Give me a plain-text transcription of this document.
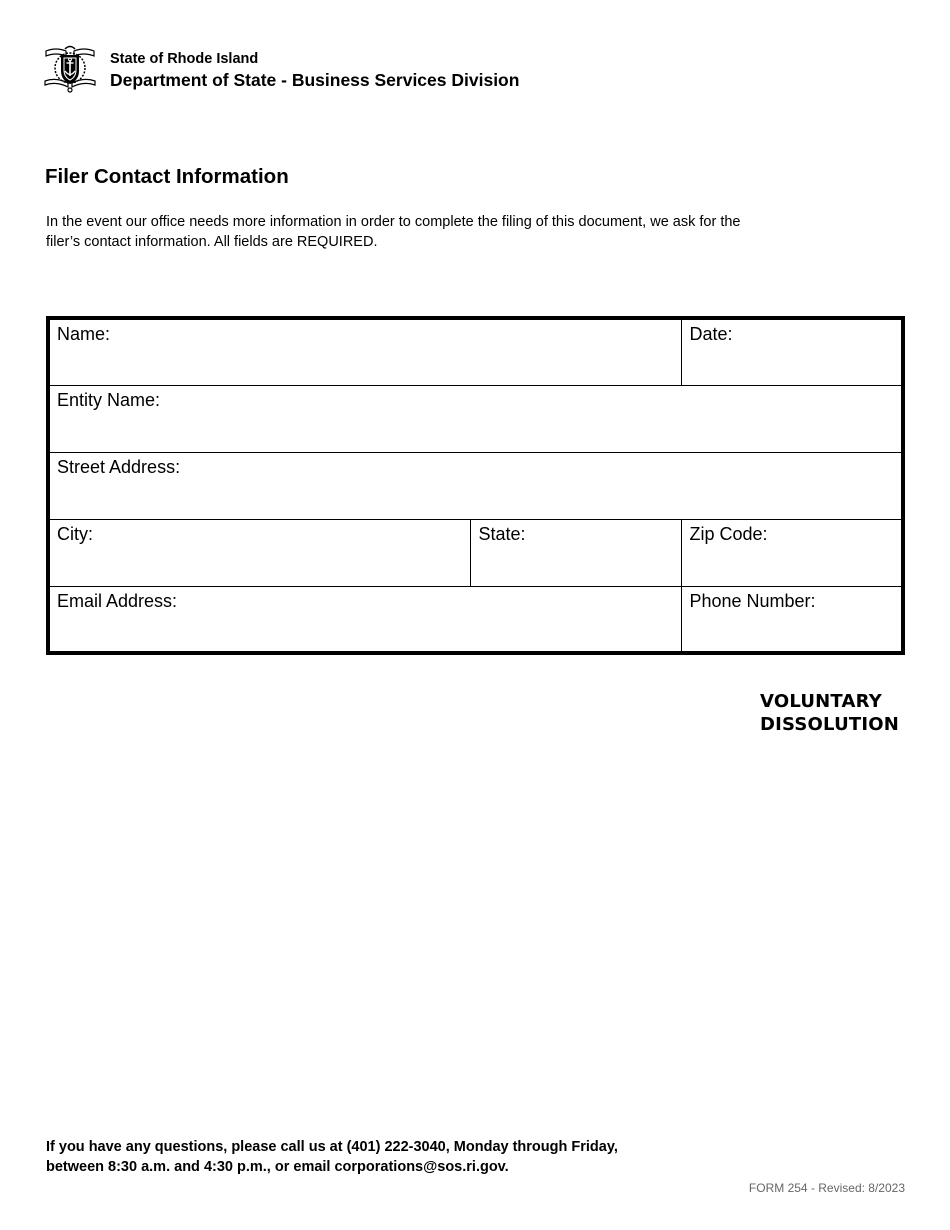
State of Rhode Island
Department of State - Business Services Division
Filer Contact Information

In the event our office needs more information in order to complete the filing of this document, we ask for the
filer’s contact information. All fields are REQUIRED.

Name:		Date:
Entity Name:		
Street Address:		
City:	State:	Zip Code:
Email Address:		Phone Number:
VOLUNTARY
DISSOLUTION

If you have any questions, please call us at (401) 222-3040, Monday through Friday,
between 8:30 a.m. and 4:30 p.m., or email corporations@sos.ri.gov.

FORM 254 - Revised: 8/2023
